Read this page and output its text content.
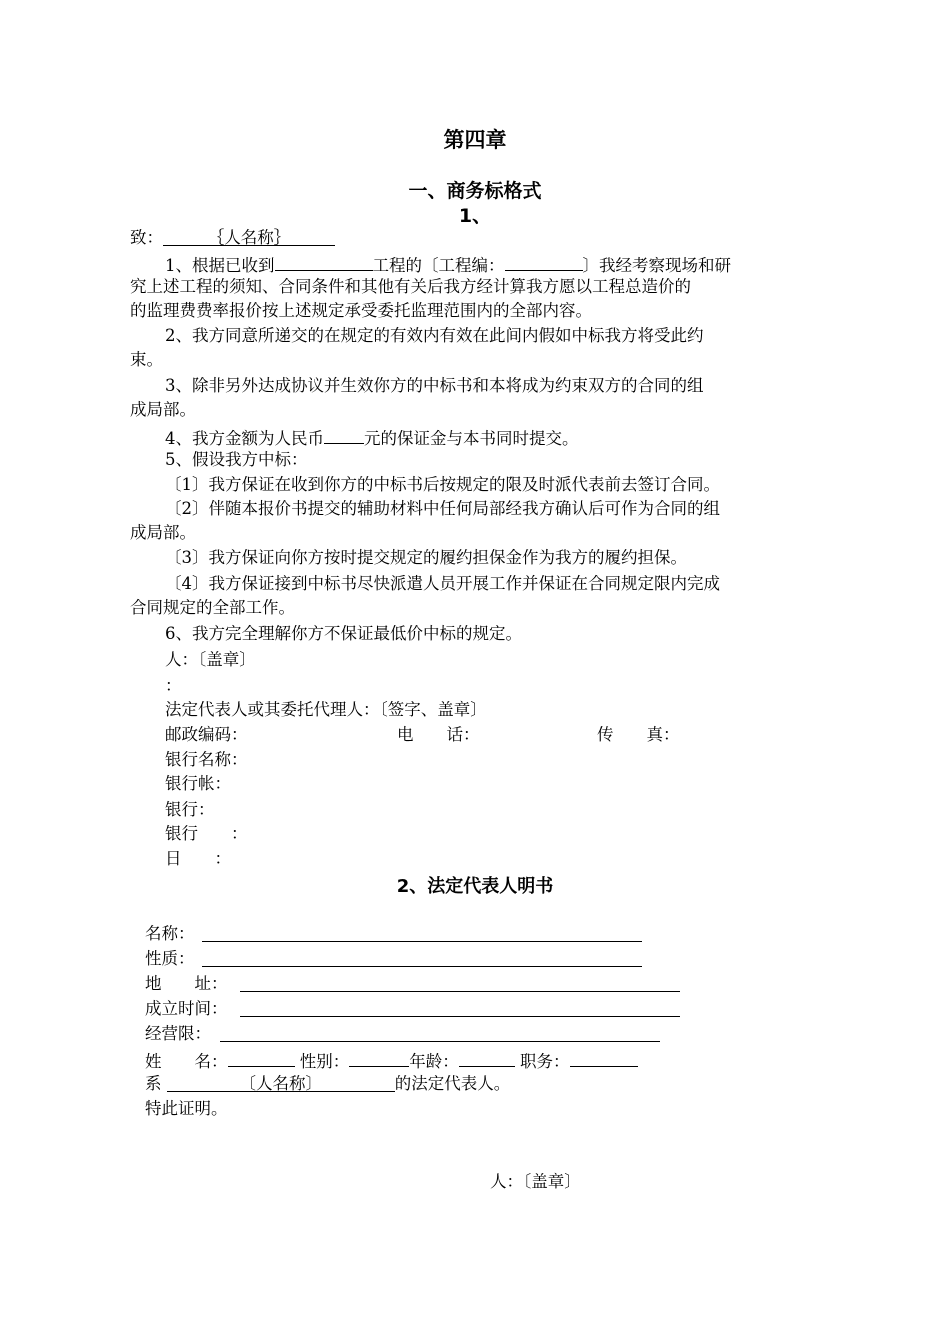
第四章
一、商务标格式
1、
致：	｛人名称｝
1、根据已收到	工程的〔工程编：	〕我经考察现场和研
究上述工程的须知、合同条件和其他有关后我方经计算我方愿以工程总造价的
的监理费费率报价按上述规定承受委托监理范围内的全部内容。
2、我方同意所递交的在规定的有效内有效在此间内假如中标我方将受此约
束。
3、除非另外达成协议并生效你方的中标书和本将成为约束双方的合同的组
成局部。
4、我方金额为人民币 元的保证金与本书同时提交。
5、假设我方中标：
〔1〕我方保证在收到你方的中标书后按规定的限及时派代表前去签订合同。
〔2〕伴随本报价书提交的辅助材料中任何局部经我方确认后可作为合同的组
成局部。
〔3〕我方保证向你方按时提交规定的履约担保金作为我方的履约担保。
〔4〕我方保证接到中标书尽快派遣人员开展工作并保证在合同规定限内完成
合同规定的全部工作。
6、我方完全理解你方不保证最低价中标的规定。
人：〔盖章〕
：
法定代表人或其委托代理人：〔签字、盖章〕
邮政编码：	电　　话：	传　　真：
银行名称：
银行帐：
银行：
银行　　：
日　　：
2、法定代表人明书
名称：
性质：
地　　址：
成立时间：
经营限：
姓　　名：	性别：	年龄：	职务：
系	〔人名称〕	的法定代表人。
特此证明。
人：〔盖章〕
